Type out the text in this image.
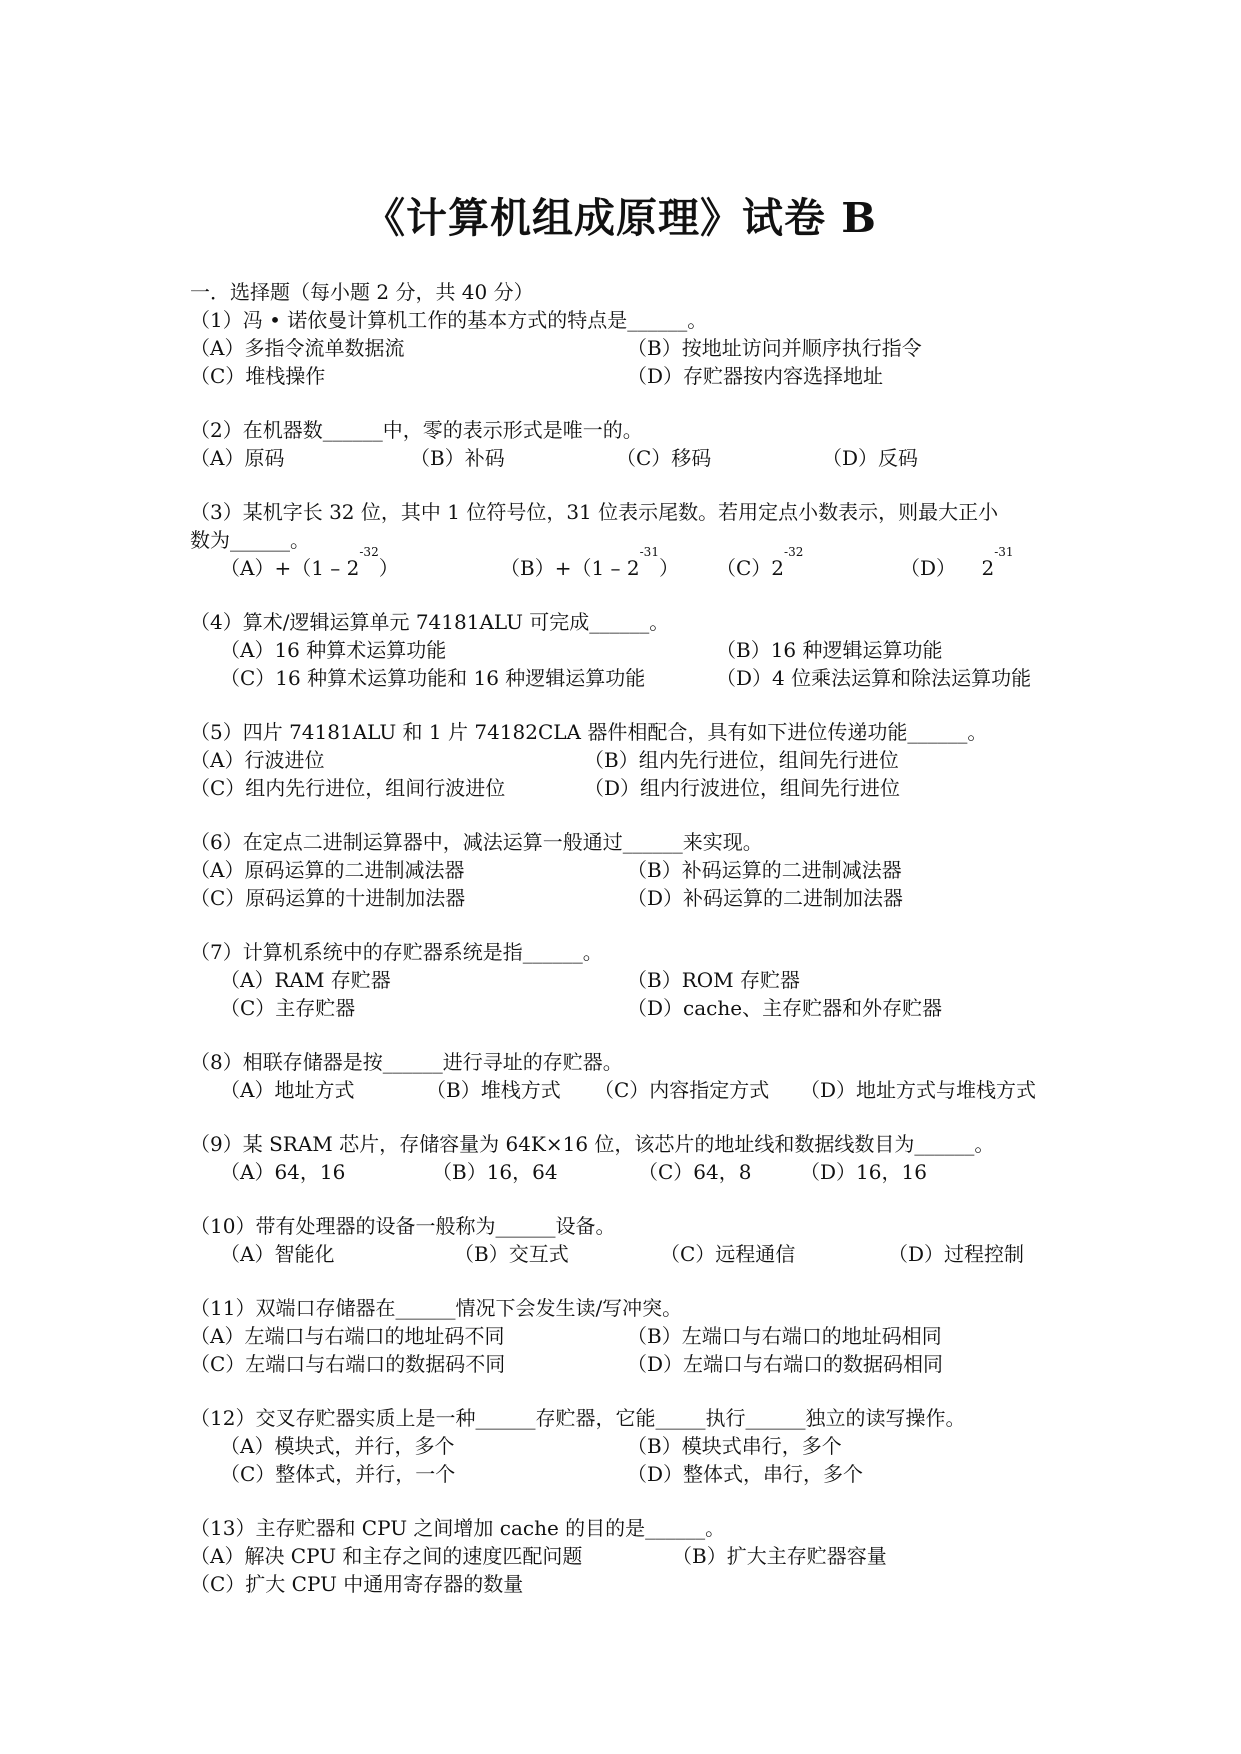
《计算机组成原理》试卷 B
一．选择题（每小题 2 分，共 40 分）
（1）冯 • 诺依曼计算机工作的基本方式的特点是______。
（A）多指令流单数据流	（B）按地址访问并顺序执行指令
（C）堆栈操作	（D）存贮器按内容选择地址
（2）在机器数______中，零的表示形式是唯一的。
（A）原码	（B）补码	（C）移码	（D）反码
（3）某机字长 32 位，其中 1 位符号位，31 位表示尾数。若用定点小数表示，则最大正小
数为______。
$(A)+(1 - 2^{-32})$	$(B)+(1 - 2^{-31})$ $(C)2^{-32}$
（D）    $2^{-31}$
（4）算术/逻辑运算单元 74181ALU 可完成______。
（A）16 种算术运算功能	（B）16 种逻辑运算功能
（C）16 种算术运算功能和 16 种逻辑运算功能	（D）4 位乘法运算和除法运算功能
（5）四片 74181ALU 和 1 片 74182CLA 器件相配合，具有如下进位传递功能______。
（A）行波进位	（B）组内先行进位，组间先行进位
（C）组内先行进位，组间行波进位	（D）组内行波进位，组间先行进位
（6）在定点二进制运算器中，减法运算一般通过______来实现。
（A）原码运算的二进制减法器	（B）补码运算的二进制减法器
（C）原码运算的十进制加法器	（D）补码运算的二进制加法器
（7）计算机系统中的存贮器系统是指______。
（A）RAM 存贮器	（B）ROM 存贮器
（C）主存贮器	（D）cache、主存贮器和外存贮器
（8）相联存储器是按______进行寻址的存贮器。
（A）地址方式	（B）堆栈方式 （C）内容指定方式 （D）地址方式与堆栈方式
（9）某 SRAM 芯片，存储容量为 64K×16 位，该芯片的地址线和数据线数目为______。
（A）64，16	（B）16，64	（C）64，8 （D）16，16
（10）带有处理器的设备一般称为______设备。
（A）智能化	（B）交互式	（C）远程通信	（D）过程控制
（11）双端口存储器在______情况下会发生读/写冲突。
（A）左端口与右端口的地址码不同	（B）左端口与右端口的地址码相同
（C）左端口与右端口的数据码不同	（D）左端口与右端口的数据码相同
（12）交叉存贮器实质上是一种______存贮器，它能_____执行______独立的读写操作。
（A）模块式，并行，多个	（B）模块式串行，多个
（C）整体式，并行，一个	（D）整体式，串行，多个
（13）主存贮器和 CPU 之间增加 cache 的目的是______。
（A）解决 CPU 和主存之间的速度匹配问题	（B）扩大主存贮器容量
（C）扩大 CPU 中通用寄存器的数量
